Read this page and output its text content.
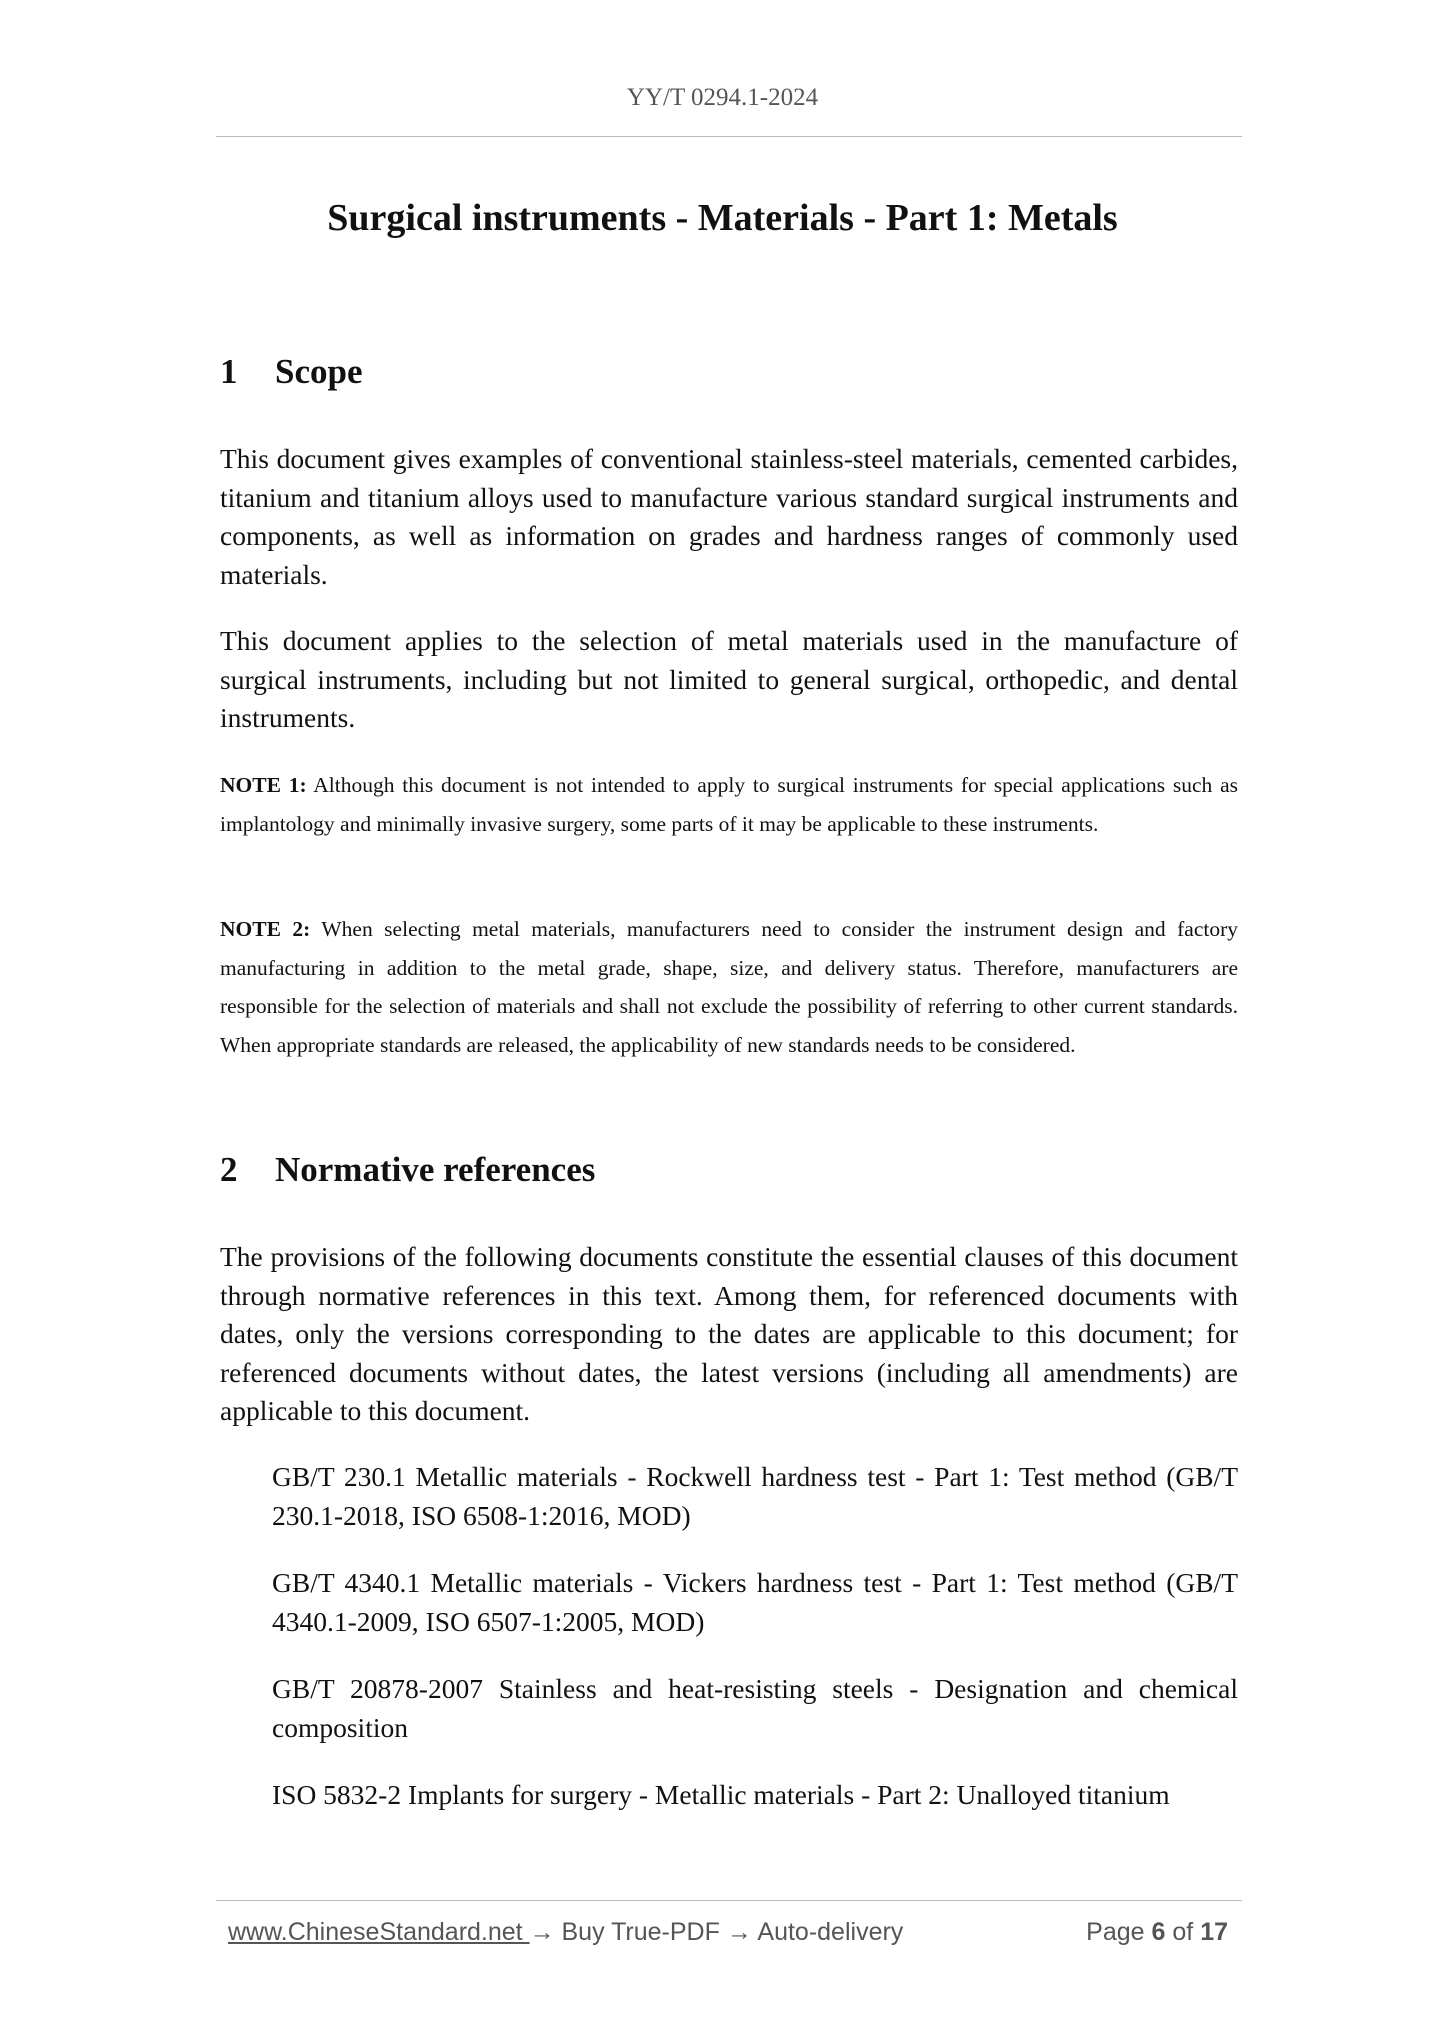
YY/T 0294.1-2024
Surgical instruments - Materials - Part 1: Metals
1 Scope

This document gives examples of conventional stainless-steel materials, cemented carbides, titanium and titanium alloys used to manufacture various standard surgical instruments and components, as well as information on grades and hardness ranges of commonly used materials.

This document applies to the selection of metal materials used in the manufacture of surgical instruments, including but not limited to general surgical, orthopedic, and dental instruments.

NOTE 1: Although this document is not intended to apply to surgical instruments for special applications such as implantology and minimally invasive surgery, some parts of it may be applicable to these instruments.

NOTE 2: When selecting metal materials, manufacturers need to consider the instrument design and factory manufacturing in addition to the metal grade, shape, size, and delivery status. Therefore, manufacturers are responsible for the selection of materials and shall not exclude the possibility of referring to other current standards. When appropriate standards are released, the applicability of new standards needs to be considered.

2 Normative references

The provisions of the following documents constitute the essential clauses of this document through normative references in this text. Among them, for referenced documents with dates, only the versions corresponding to the dates are applicable to this document; for referenced documents without dates, the latest versions (including all amendments) are applicable to this document.

GB/T 230.1 Metallic materials - Rockwell hardness test - Part 1: Test method (GB/T 230.1-2018, ISO 6508-1:2016, MOD)

GB/T 4340.1 Metallic materials - Vickers hardness test - Part 1: Test method (GB/T 4340.1-2009, ISO 6507-1:2005, MOD)

GB/T 20878-2007 Stainless and heat-resisting steels - Designation and chemical composition

ISO 5832-2 Implants for surgery - Metallic materials - Part 2: Unalloyed titanium

www.ChineseStandard.net → Buy True-PDF → Auto-delivery	Page 6 of 17
